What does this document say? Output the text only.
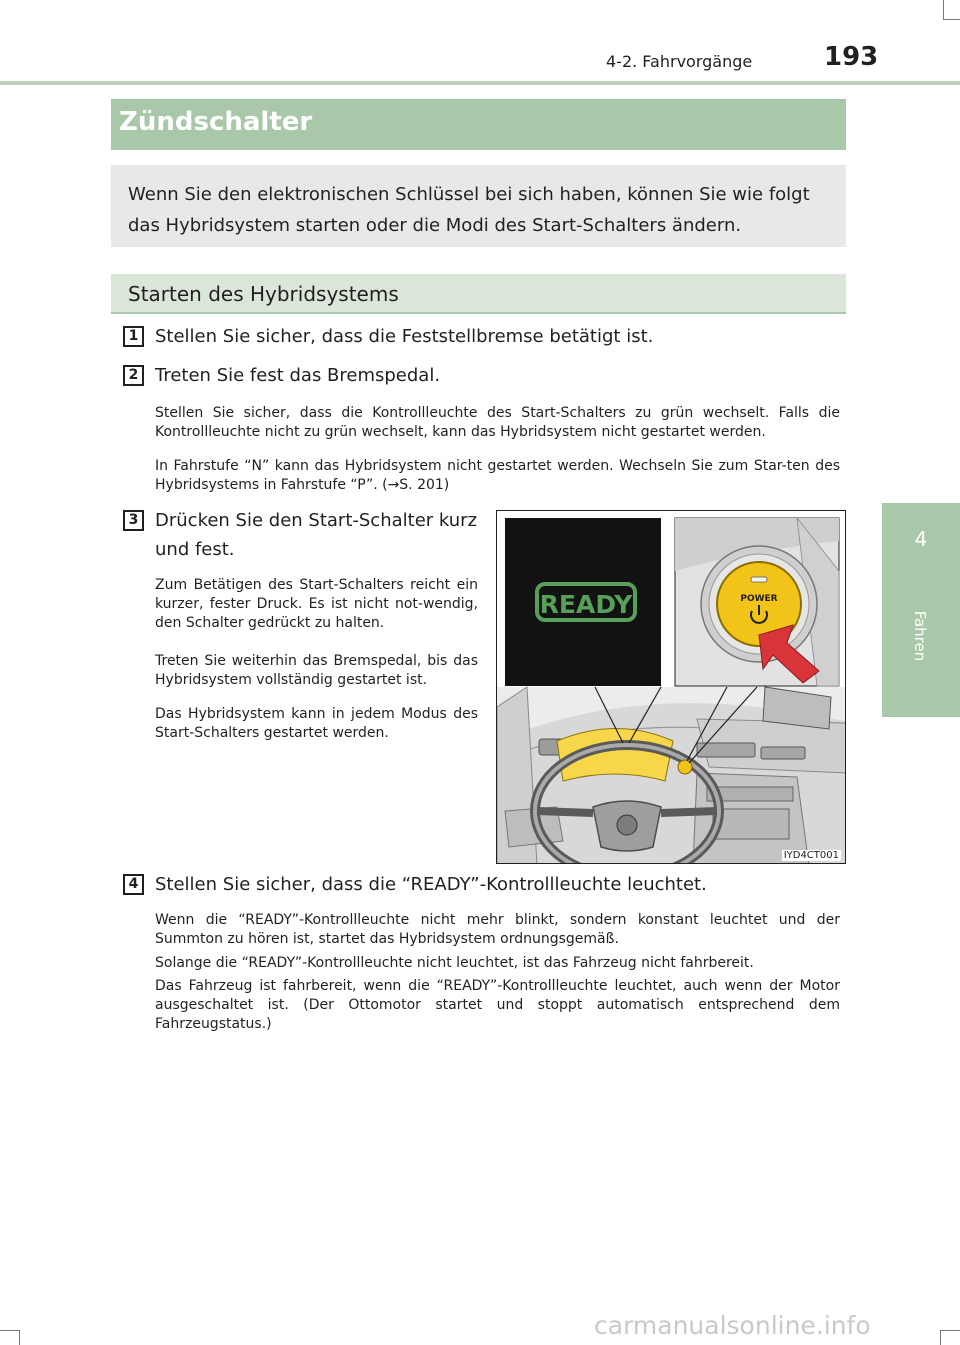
4-2. Fahrvorgänge	193
4
Fahren
Zündschalter

Wenn Sie den elektronischen Schlüssel bei sich haben, können Sie wie folgt

das Hybridsystem starten oder die Modi des Start-Schalters ändern.

Starten des Hybridsystems
1 Stellen Sie sicher, dass die Feststellbremse betätigt ist.
2 Treten Sie fest das Bremspedal.
Stellen Sie sicher, dass die Kontrollleuchte des Start-Schalters zu grün wechselt. Falls die Kontrollleuchte nicht zu grün wechselt, kann das Hybridsystem nicht gestartet werden.
In Fahrstufe “N” kann das Hybridsystem nicht gestartet werden. Wechseln Sie zum Star-ten des Hybridsystems in Fahrstufe “P”. (→S. 201)
3 Drücken Sie den Start-Schalter kurz
und fest.
Zum Betätigen des Start-Schalters reicht ein kurzer, fester Druck. Es ist nicht not-wendig, den Schalter gedrückt zu halten.
Treten Sie weiterhin das Bremspedal, bis das Hybridsystem vollständig gestartet ist.
Das Hybridsystem kann in jedem Modus des Start-Schalters gestartet werden.
READY	POWER
IYD4CT001
4 Stellen Sie sicher, dass die “READY”-Kontrollleuchte leuchtet.
Wenn die “READY”-Kontrollleuchte nicht mehr blinkt, sondern konstant leuchtet und der Summton zu hören ist, startet das Hybridsystem ordnungsgemäß.
Solange die “READY”-Kontrollleuchte nicht leuchtet, ist das Fahrzeug nicht fahrbereit.
Das Fahrzeug ist fahrbereit, wenn die “READY”-Kontrollleuchte leuchtet, auch wenn der Motor ausgeschaltet ist. (Der Ottomotor startet und stoppt automatisch entsprechend dem Fahrzeugstatus.)
carmanualsonline.info
